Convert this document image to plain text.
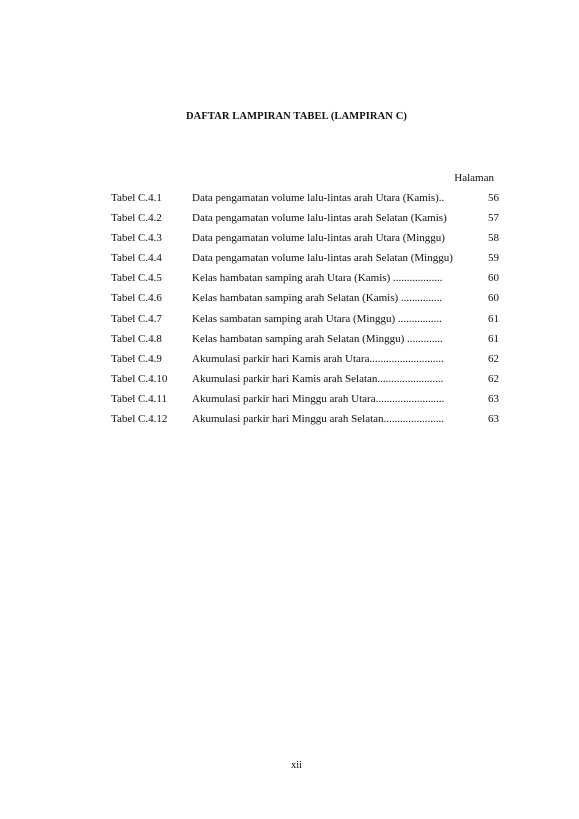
DAFTAR LAMPIRAN TABEL (LAMPIRAN C)
Halaman
Tabel C.4.1	Data pengamatan volume lalu-lintas arah Utara (Kamis)..	56
Tabel C.4.2	Data pengamatan volume lalu-lintas arah Selatan (Kamis)	57
Tabel C.4.3	Data pengamatan volume lalu-lintas arah Utara (Minggu)	58
Tabel C.4.4	Data pengamatan volume lalu-lintas arah Selatan (Minggu)	59
Tabel C.4.5	Kelas hambatan samping arah Utara (Kamis) ..................	60
Tabel C.4.6	Kelas hambatan samping arah Selatan (Kamis) ...............	60
Tabel C.4.7	Kelas sambatan samping arah Utara (Minggu) ................	61
Tabel C.4.8	Kelas hambatan samping arah Selatan (Minggu) .............	61
Tabel C.4.9	Akumulasi parkir hari Kamis arah Utara...........................	62
Tabel C.4.10 Akumulasi parkir hari Kamis arah Selatan........................	62
Tabel C.4.11 Akumulasi parkir hari Minggu arah Utara.........................	63
Tabel C.4.12 Akumulasi parkir hari Minggu arah Selatan......................	63
xii
